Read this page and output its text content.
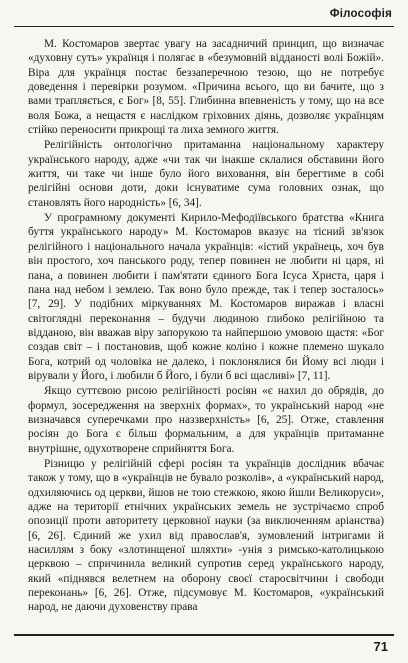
Філософія

М. Костомаров звертає увагу на засадничий принцип, що визначає «духовну суть» українця і полягає в «безумовній відданості волі Божій». Віра для українця постає беззаперечною тезою, що не потребує доведення і перевірки розумом. «Причина всього, що ви бачите, що з вами трапляється, є Бог» [8, 55]. Глибинна впевненість у тому, що на все воля Божа, а нещастя є наслідком гріховних діянь, дозволяє українцям стійко переносити прикрощі та лиха земного життя.

Релігійність онтологічно притаманна національному характеру українського народу, адже «чи так чи інакше склалися обставини його життя, чи таке чи інше було його виховання, він берегтиме в собі релігійні основи доти, доки існуватиме сума головних ознак, що становлять його народність» [6, 34].

У програмному документі Кирило-Мефодіївського братства «Книга буття українського народу» М. Костомаров вказує на тісний зв'язок релігійного і національного начала українців: «істий українець, хоч був він простого, хоч панського роду, тепер повинен не любити ні царя, ні пана, а повинен любити і пам'ятати єдиного Бога Ісуса Христа, царя і пана над небом і землею. Так воно було прежде, так і тепер зосталось» [7, 29]. У подібних міркуваннях М. Костомаров виражав і власні світоглядні переконання – будучи людиною глибоко релігійною та відданою, він вважав віру запорукою та найпершою умовою щастя: «Бог создав світ – і постановив, щоб кожне коліно і кожне племено шукало Бога, котрий од чоловіка не далеко, і поклонялися би Йому всі люди і вірували у Його, і любили б Його, і були б всі щасливі» [7, 11].

Якщо суттєвою рисою релігійності росіян «є нахил до обрядів, до формул, зосередження на зверхніх формах», то український народ «не визначався суперечками про наззверхність» [6, 25]. Отже, ставлення росіян до Бога є більш формальним, а для українців притаманне внутрішнє, одухотворене сприйняття Бога.

Різницю у релігійній сфері росіян та українців дослідник вбачає також у тому, що в «українців не бувало розколів», а «український народ, одхиляючись од церкви, йшов не тою стежкою, якою йшли Великоруси», адже на території етнічних українських земель не зустрічаємо спроб опозиції проти авторитету церковної науки (за виключенням аріанства) [6, 26]. Єдиний же ухил від православ'я, зумовлений інтригами й насиллям з боку «злотинщеної шляхти» -унія з римсько-католицькою церквою – спричинила великий супротив серед українського народу, який «піднявся велетнем на оборону своєї старосвітчини і свободи переконань» [6, 26]. Отже, підсумовує М. Костомаров, «український народ, не даючи духовенству права

71
